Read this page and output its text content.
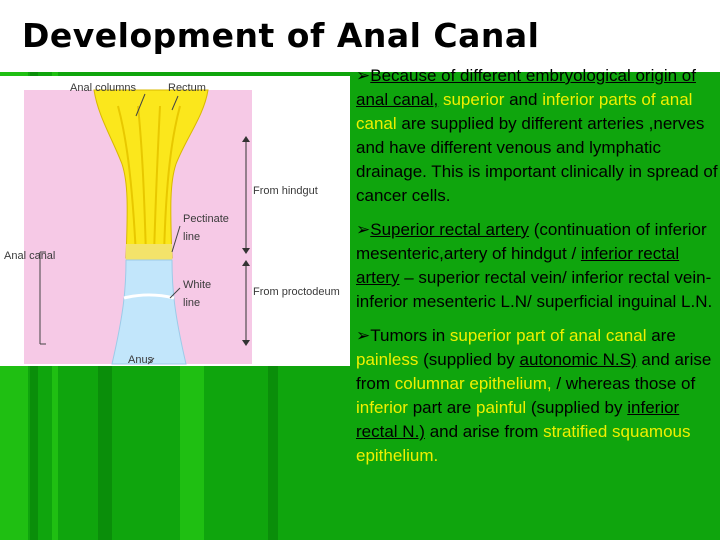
Development of Anal Canal
Anal columns	Rectum
From hindgut
Pectinate
line
Anal canal
White
line
From proctodeum
Anus

➢Because of different embryological origin of anal canal, superior and inferior parts of anal canal are supplied by different arteries ,nerves and have different venous and lymphatic drainage. This is important clinically in spread of cancer cells.

➢Superior rectal artery (continuation of inferior mesenteric,artery of hindgut / inferior rectal artery – superior rectal vein/ inferior rectal vein- inferior mesenteric L.N/ superficial inguinal L.N.

➢Tumors in superior part of anal canal are painless (supplied by autonomic N.S) and arise from columnar epithelium, / whereas those of inferior part are painful (supplied by inferior rectal N.) and arise from stratified squamous epithelium.
